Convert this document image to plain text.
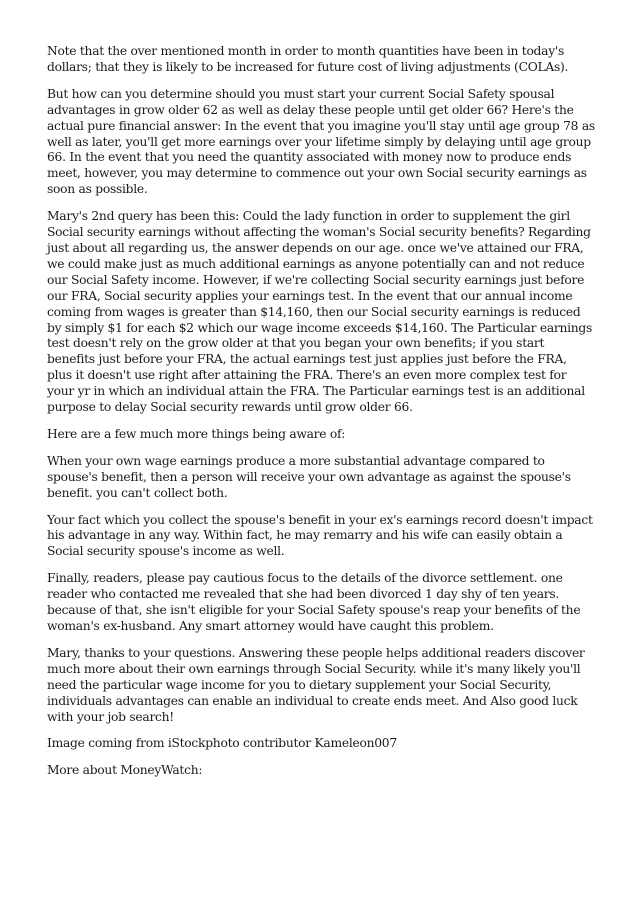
Note that the over mentioned month in order to month quantities have been in today's dollars; that they is likely to be increased for future cost of living adjustments (COLAs).

But how can you determine should you must start your current Social Safety spousal advantages in grow older 62 as well as delay these people until get older 66? Here's the actual pure financial answer: In the event that you imagine you'll stay until age group 78 as well as later, you'll get more earnings over your lifetime simply by delaying until age group 66. In the event that you need the quantity associated with money now to produce ends meet, however, you may determine to commence out your own Social security earnings as soon as possible.

Mary's 2nd query has been this: Could the lady function in order to supplement the girl Social security earnings without affecting the woman's Social security benefits? Regarding just about all regarding us, the answer depends on our age. once we've attained our FRA, we could make just as much additional earnings as anyone potentially can and not reduce our Social Safety income. However, if we're collecting Social security earnings just before our FRA, Social security applies your earnings test. In the event that our annual income coming from wages is greater than $14,160, then our Social security earnings is reduced by simply $1 for each $2 which our wage income exceeds $14,160. The Particular earnings test doesn't rely on the grow older at that you began your own benefits; if you start benefits just before your FRA, the actual earnings test just applies just before the FRA, plus it doesn't use right after attaining the FRA. There's an even more complex test for your yr in which an individual attain the FRA. The Particular earnings test is an additional purpose to delay Social security rewards until grow older 66.

Here are a few much more things being aware of:

When your own wage earnings produce a more substantial advantage compared to spouse's benefit, then a person will receive your own advantage as against the spouse's benefit. you can't collect both.

Your fact which you collect the spouse's benefit in your ex's earnings record doesn't impact his advantage in any way. Within fact, he may remarry and his wife can easily obtain a Social security spouse's income as well.

Finally, readers, please pay cautious focus to the details of the divorce settlement. one reader who contacted me revealed that she had been divorced 1 day shy of ten years. because of that, she isn't eligible for your Social Safety spouse's reap your benefits of the woman's ex-husband. Any smart attorney would have caught this problem.

Mary, thanks to your questions. Answering these people helps additional readers discover much more about their own earnings through Social Security. while it's many likely you'll need the particular wage income for you to dietary supplement your Social Security, individuals advantages can enable an individual to create ends meet. And Also good luck with your job search!

Image coming from iStockphoto contributor Kameleon007

More about MoneyWatch:
